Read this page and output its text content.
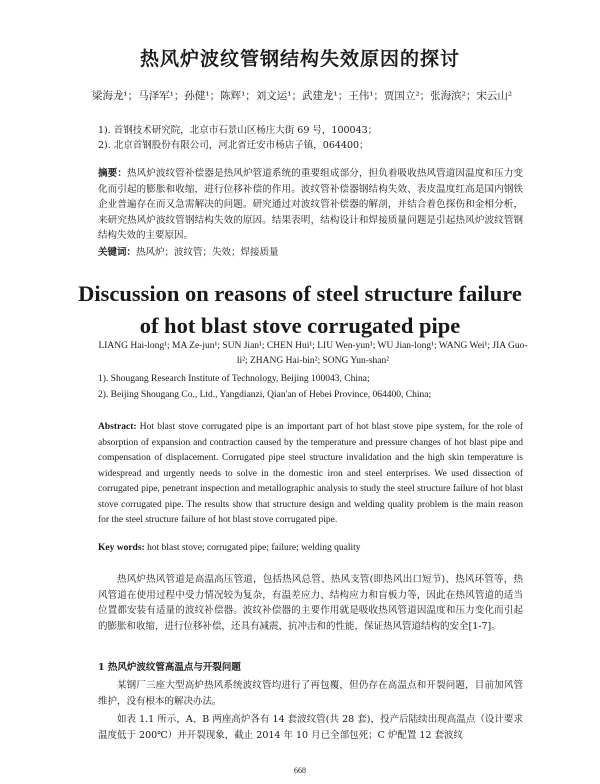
热风炉波纹管钢结构失效原因的探讨

梁海龙¹；马泽军¹；孙健¹；陈辉¹；刘文运¹；武建龙¹；王伟¹；贾国立²；张海滨²；宋云山²

1). 首钢技术研究院，北京市石景山区杨庄大街 69 号，100043；
2). 北京首钢股份有限公司，河北省迁安市杨店子镇，064400；

摘要：热风炉波纹管补偿器是热风炉管道系统的重要组成部分，担负着吸收热风管道因温度和压力变化而引起的膨胀和收缩，进行位移补偿的作用。波纹管补偿器钢结构失效、表皮温度红高是国内钢铁企业普遍存在而又急需解决的问题。研究通过对波纹管补偿器的解剖，并结合着色探伤和金相分析，来研究热风炉波纹管钢结构失效的原因。结果表明，结构设计和焊接质量问题是引起热风炉波纹管钢结构失效的主要原因。

关键词：热风炉；波纹管；失效；焊接质量

Discussion on reasons of steel structure failure
of hot blast stove corrugated pipe

LIANG Hai-long¹; MA Ze-jun¹; SUN Jian¹; CHEN Hui¹; LIU Wen-yun¹; WU Jian-long¹; WANG Wei¹; JIA Guo-li²; ZHANG Hai-bin²; SONG Yun-shan²

1). Shougang Research Institute of Technology, Beijing 100043, China;
2). Beijing Shougang Co., Ltd., Yangdianzi, Qian'an of Hebei Province, 064400, China;

Abstract: Hot blast stove corrugated pipe is an important part of hot blast stove pipe system, for the role of absorption of expansion and contraction caused by the temperature and pressure changes of hot blast pipe and compensation of displacement. Corrugated pipe steel structure invalidation and the high skin temperature is widespread and urgently needs to solve in the domestic iron and steel enterprises. We used dissection of corrugated pipe, penetrant inspection and metallographic analysis to study the steel structure failure of hot blast stove corrugated pipe. The results show that structure design and welding quality problem is the main reason for the steel structure failure of hot blast stove corrugated pipe.

Key words: hot blast stove; corrugated pipe; failure; welding quality

热风炉热风管道是高温高压管道，包括热风总管、热风支管(即热风出口短节)、热风环管等，热风管道在使用过程中受力情况较为复杂，有温差应力、结构应力和盲板力等，因此在热风管道的适当位置都安装有适量的波纹补偿器。波纹补偿器的主要作用就是吸收热风管道因温度和压力变化而引起的膨胀和收缩，进行位移补偿，还具有减震、抗冲击和的性能，保证热风管道结构的安全[1-7]。

1 热风炉波纹管高温点与开裂问题

某钢厂三座大型高炉热风系统波纹管均进行了再包覆，但仍存在高温点和开裂问题，目前加风管维护，没有根本的解决办法。

如表 1.1 所示，A、B 两座高炉各有 14 套波纹管(共 28 套)，投产后陆续出现高温点（设计要求温度低于 200℃）并开裂现象，截止 2014 年 10 月已全部包死；C 炉配置 12 套波纹

668
